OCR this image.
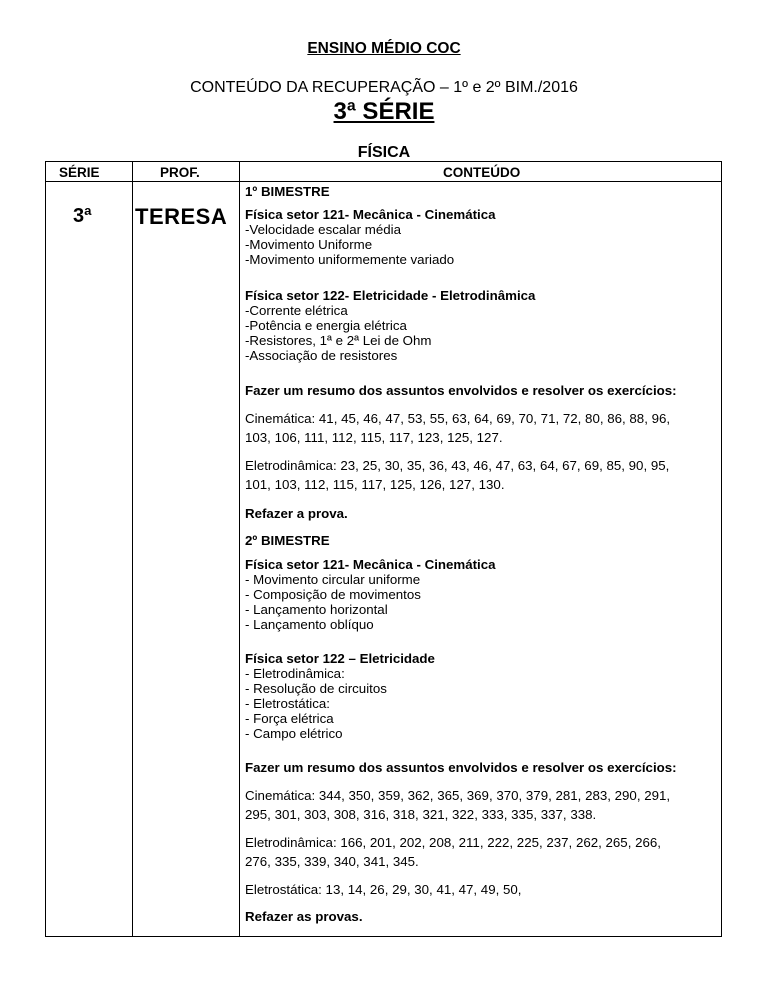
ENSINO MÉDIO COC
CONTEÚDO DA RECUPERAÇÃO – 1º e 2º BIM./2016
3ª SÉRIE
FÍSICA
SÉRIE	PROF.	CONTEÚDO
3ª TERESA

1º BIMESTRE

Física setor 121- Mecânica - Cinemática

-Velocidade escalar média

-Movimento Uniforme

-Movimento uniformemente variado

Física setor 122- Eletricidade - Eletrodinâmica

-Corrente elétrica

-Potência e energia elétrica

-Resistores, 1ª e 2ª Lei de Ohm

-Associação de resistores

Fazer um resumo dos assuntos envolvidos e resolver os exercícios:

Cinemática: 41, 45, 46, 47, 53, 55, 63, 64, 69, 70, 71, 72, 80, 86, 88, 96,

103, 106, 111, 112, 115, 117, 123, 125, 127.

Eletrodinâmica: 23, 25, 30, 35, 36, 43, 46, 47, 63, 64, 67, 69, 85, 90, 95,

101, 103, 112, 115, 117, 125, 126, 127, 130.

Refazer a prova.

2º BIMESTRE

Física setor 121- Mecânica - Cinemática

- Movimento circular uniforme

- Composição de movimentos

- Lançamento horizontal

- Lançamento oblíquo

Física setor 122 – Eletricidade

- Eletrodinâmica:

- Resolução de circuitos

- Eletrostática:

- Força elétrica

- Campo elétrico

Fazer um resumo dos assuntos envolvidos e resolver os exercícios:

Cinemática: 344, 350, 359, 362, 365, 369, 370, 379, 281, 283, 290, 291,

295, 301, 303, 308, 316, 318, 321, 322, 333, 335, 337, 338.

Eletrodinâmica: 166, 201, 202, 208, 211, 222, 225, 237, 262, 265, 266,

276, 335, 339, 340, 341, 345.

Eletrostática: 13, 14, 26, 29, 30, 41, 47, 49, 50,

Refazer as provas.
